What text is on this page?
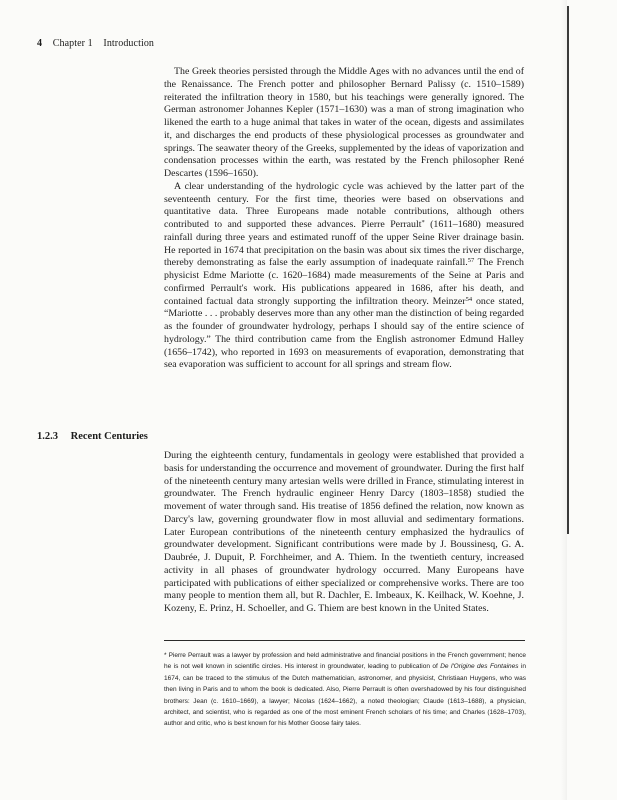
4 Chapter 1 Introduction

The Greek theories persisted through the Middle Ages with no advances until the end of the Renaissance. The French potter and philosopher Bernard Palissy (c. 1510–1589) reiterated the infiltration theory in 1580, but his teachings were generally ignored. The German astronomer Johannes Kepler (1571–1630) was a man of strong imagination who likened the earth to a huge animal that takes in water of the ocean, digests and assimilates it, and discharges the end products of these physiological processes as groundwater and springs. The seawater theory of the Greeks, supplemented by the ideas of vaporization and condensation processes within the earth, was restated by the French philosopher René Descartes (1596–1650).

A clear understanding of the hydrologic cycle was achieved by the latter part of the seventeenth century. For the first time, theories were based on observations and quantitative data. Three Europeans made notable contributions, although others contributed to and supported these advances. Pierre Perrault* (1611–1680) measured rainfall during three years and estimated runoff of the upper Seine River drainage basin. He reported in 1674 that precipitation on the basin was about six times the river discharge, thereby demonstrating as false the early assumption of inadequate rainfall.$^{57}$ The French physicist Edme Mariotte (c. 1620–1684) made measurements of the Seine at Paris and confirmed Perrault's work. His publications appeared in 1686, after his death, and contained factual data strongly supporting the infiltration theory. Meinzer$^{54}$ once stated, “Mariotte . . . probably deserves more than any other man the distinction of being regarded as the founder of groundwater hydrology, perhaps I should say of the entire science of hydrology.” The third contribution came from the English astronomer Edmund Halley (1656–1742), who reported in 1693 on measurements of evaporation, demonstrating that sea evaporation was sufficient to account for all springs and stream flow.

1.2.3 Recent Centuries

During the eighteenth century, fundamentals in geology were established that provided a basis for understanding the occurrence and movement of groundwater. During the first half of the nineteenth century many artesian wells were drilled in France, stimulating interest in groundwater. The French hydraulic engineer Henry Darcy (1803–1858) studied the movement of water through sand. His treatise of 1856 defined the relation, now known as Darcy's law, governing groundwater flow in most alluvial and sedimentary formations. Later European contributions of the nineteenth century emphasized the hydraulics of groundwater development. Significant contributions were made by J. Boussinesq, G. A. Daubrée, J. Dupuit, P. Forchheimer, and A. Thiem. In the twentieth century, increased activity in all phases of groundwater hydrology occurred. Many Europeans have participated with publications of either specialized or comprehensive works. There are too many people to mention them all, but R. Dachler, E. Imbeaux, K. Keilhack, W. Koehne, J. Kozeny, E. Prinz, H. Schoeller, and G. Thiem are best known in the United States.

* Pierre Perrault was a lawyer by profession and held administrative and financial positions in the French government; hence he is not well known in scientific circles. His interest in groundwater, leading to publication of De l'Origine des Fontaines in 1674, can be traced to the stimulus of the Dutch mathematician, astronomer, and physicist, Christiaan Huygens, who was then living in Paris and to whom the book is dedicated. Also, Pierre Perrault is often overshadowed by his four distinguished brothers: Jean (c. 1610–1669), a lawyer; Nicolas (1624–1662), a noted theologian; Claude (1613–1688), a physician, architect, and scientist, who is regarded as one of the most eminent French scholars of his time; and Charles (1628–1703), author and critic, who is best known for his Mother Goose fairy tales.
